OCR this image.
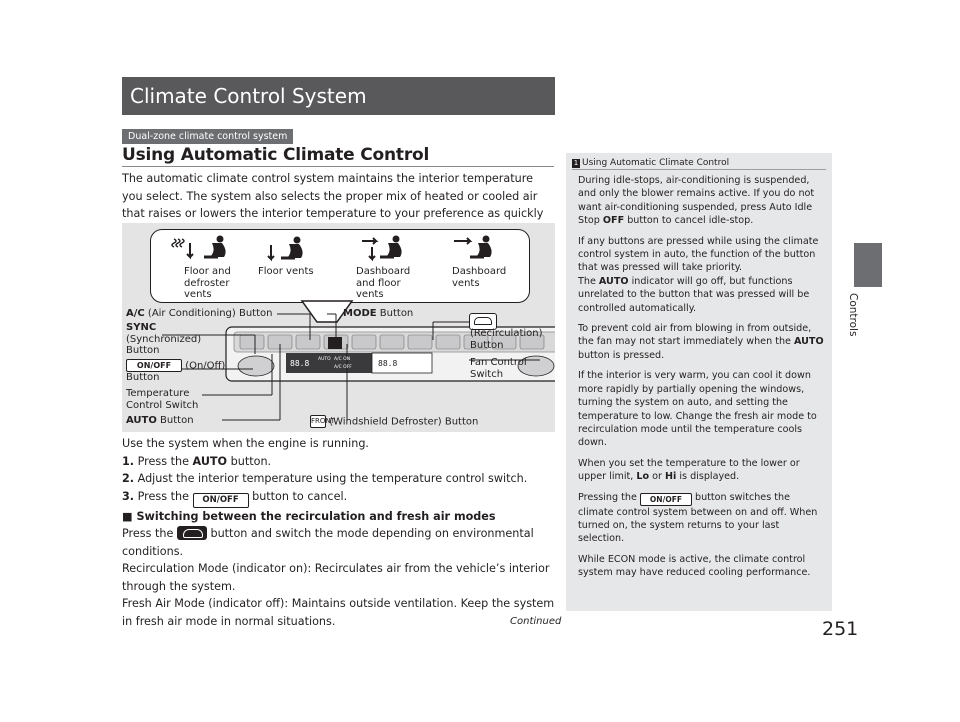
Climate Control System
Dual-zone climate control system
Using Automatic Climate Control
The automatic climate control system maintains the interior temperature you select. The system also selects the proper mix of heated or cooled air that raises or lowers the interior temperature to your preference as quickly
Floor and defroster vents
Floor vents	Dashboard and floor vents
Dashboard vents
88.8 AUTO A/C ON
A/C OFF	88.8
A/C (Air Conditioning) Button	MODE Button
SYNC
(Synchronized)
Button
ON/OFF (On/Off)
Button
Temperature
Control Switch
AUTO Button
(Recirculation)
Button
Fan Control
Switch
FRONT (Windshield Defroster) Button
Use the system when the engine is running.
1. Press the AUTO button.
2. Adjust the interior temperature using the temperature control switch.
3. Press the ON/OFF button to cancel.
■ Switching between the recirculation and fresh air modes
Press the	button and switch the mode depending on environmental conditions.
Recirculation Mode (indicator on): Recirculates air from the vehicle’s interior through the system.
Fresh Air Mode (indicator off): Maintains outside ventilation. Keep the system in fresh air mode in normal situations.	Continued	251
1 Using Automatic Climate Control

During idle-stops, air-conditioning is suspended, and only the blower remains active. If you do not want air-conditioning suspended, press Auto Idle Stop OFF button to cancel idle-stop.

If any buttons are pressed while using the climate control system in auto, the function of the button that was pressed will take priority.
The AUTO indicator will go off, but functions unrelated to the button that was pressed will be controlled automatically.

To prevent cold air from blowing in from outside, the fan may not start immediately when the AUTO button is pressed.

If the interior is very warm, you can cool it down more rapidly by partially opening the windows, turning the system on auto, and setting the temperature to low. Change the fresh air mode to recirculation mode until the temperature cools down.

When you set the temperature to the lower or upper limit, Lo or Hi is displayed.

Pressing the ON/OFF button switches the climate control system between on and off. When turned on, the system returns to your last selection.

While ECON mode is active, the climate control system may have reduced cooling performance.

Controls
